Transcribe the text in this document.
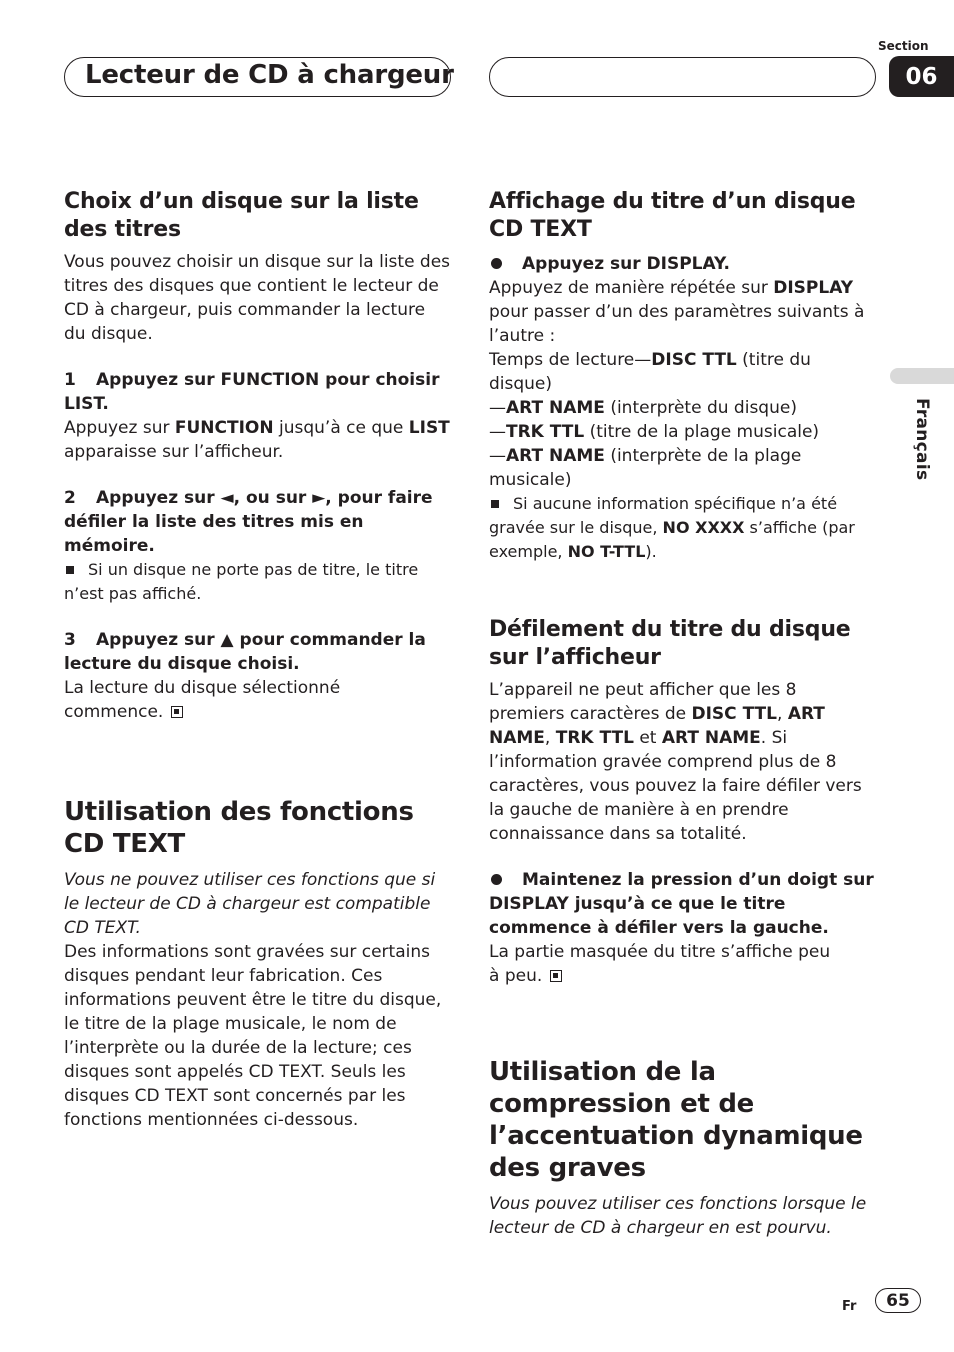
Lecteur de CD à chargeur
Section
06
Français
Choix d’un disque sur la liste des titres

Vous pouvez choisir un disque sur la liste des titres des disques que contient le lecteur de CD à chargeur, puis commander la lecture du disque.

1 Appuyez sur FUNCTION pour choisir LIST.

Appuyez sur FUNCTION jusqu’à ce que LIST apparaisse sur l’afficheur.

2 Appuyez sur ◄, ou sur ►, pour faire défiler la liste des titres mis en mémoire.

Si un disque ne porte pas de titre, le titre n’est pas affiché.

3 Appuyez sur ▲ pour commander la lecture du disque choisi.

La lecture du disque sélectionné commence.

Utilisation des fonctions CD TEXT

Vous ne pouvez utiliser ces fonctions que si le lecteur de CD à chargeur est compatible CD TEXT.

Des informations sont gravées sur certains disques pendant leur fabrication. Ces informations peuvent être le titre du disque, le titre de la plage musicale, le nom de l’interprète ou la durée de la lecture; ces disques sont appelés CD TEXT. Seuls les disques CD TEXT sont concernés par les fonctions mentionnées ci-dessous.

Affichage du titre d’un disque CD TEXT

Appuyez sur DISPLAY.

Appuyez de manière répétée sur DISPLAY pour passer d’un des paramètres suivants à l’autre :

Temps de lecture—DISC TTL (titre du disque)

—ART NAME (interprète du disque)

—TRK TTL (titre de la plage musicale)

—ART NAME (interprète de la plage musicale)

Si aucune information spécifique n’a été gravée sur le disque, NO XXXX s’affiche (par exemple, NO T-TTL).

Défilement du titre du disque sur l’afficheur

L’appareil ne peut afficher que les 8 premiers caractères de DISC TTL, ART NAME, TRK TTL et ART NAME. Si l’information gravée comprend plus de 8 caractères, vous pouvez la faire défiler vers la gauche de manière à en prendre connaissance dans sa totalité.

Maintenez la pression d’un doigt sur DISPLAY jusqu’à ce que le titre commence à défiler vers la gauche.

La partie masquée du titre s’affiche peu à peu.

Utilisation de la compression et de l’accentuation dynamique des graves

Vous pouvez utiliser ces fonctions lorsque le lecteur de CD à chargeur en est pourvu.

Fr	65
